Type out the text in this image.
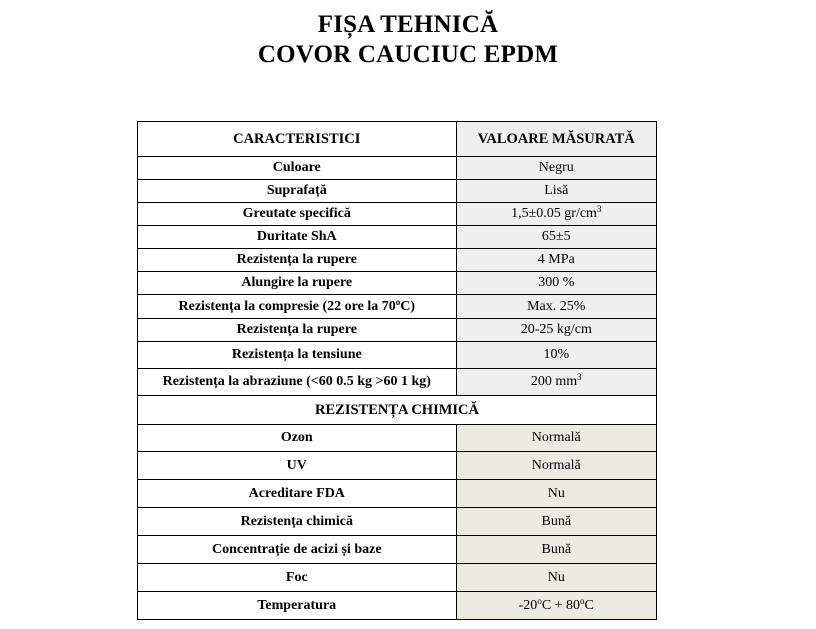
FIȘA TEHNICĂ
COVOR CAUCIUC EPDM
CARACTERISTICI	VALOARE MĂSURATĂ
Culoare	Negru
Suprafață	Lisă
Greutate specifică	1,5±0.05 $gr/cm^3$
Duritate ShA	65±5
Rezistența la rupere	4 MPa
Alungire la rupere	300 %
Rezistența la compresie (22 ore la 70$^o$C)	Max. 25%
Rezistența la rupere	20-25 kg/cm
Rezistența la tensiune	10%
Rezistența la abraziune (<60 0.5 kg >60 1 kg)	200 $mm^3$
REZISTENȚA CHIMICĂ	
Ozon	Normală
UV	Normală
Acreditare FDA	Nu
Rezistența chimică	Bună
Concentrație de acizi și baze	Bună
Foc	Nu
Temperatura	$-20^oC + 80^oC$
